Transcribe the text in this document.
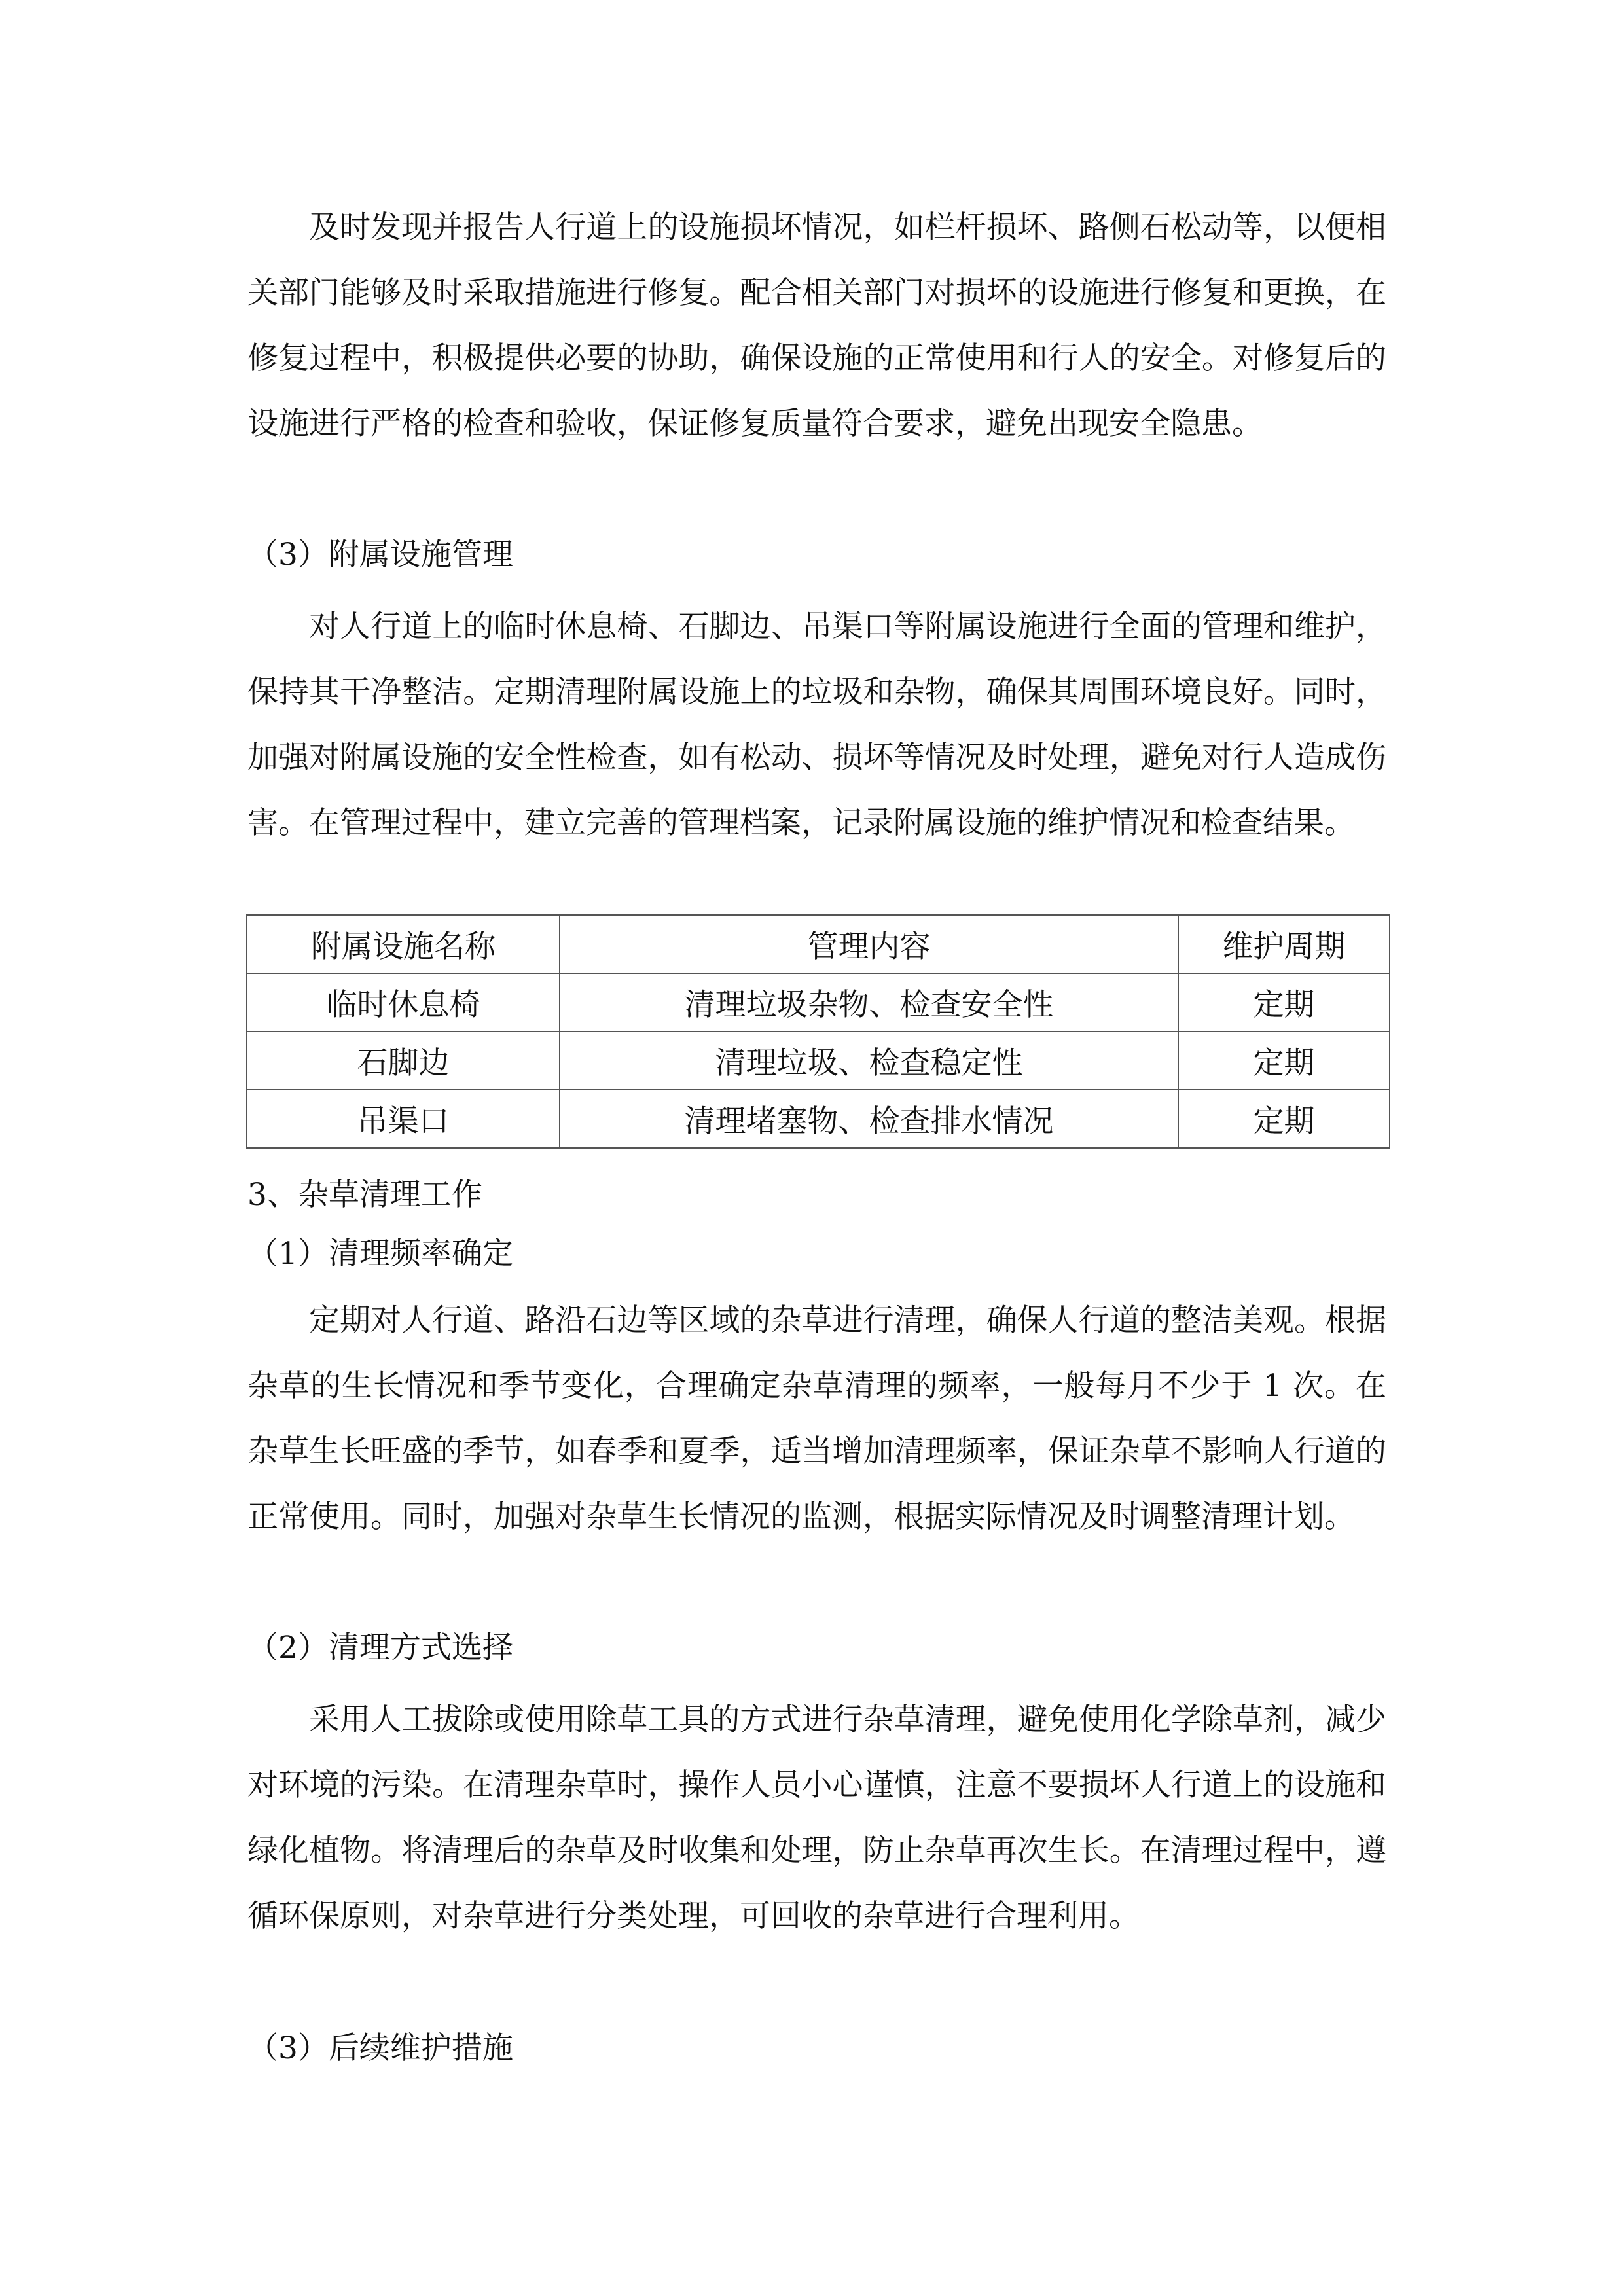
及时发现并报告人行道上的设施损坏情况，如栏杆损坏、路侧石松动等，以便相关部门能够及时采取措施进行修复。配合相关部门对损坏的设施进行修复和更换，在修复过程中，积极提供必要的协助，确保设施的正常使用和行人的安全。对修复后的设施进行严格的检查和验收，保证修复质量符合要求，避免出现安全隐患。

（3）附属设施管理

对人行道上的临时休息椅、石脚边、吊渠口等附属设施进行全面的管理和维护，保持其干净整洁。定期清理附属设施上的垃圾和杂物，确保其周围环境良好。同时，加强对附属设施的安全性检查，如有松动、损坏等情况及时处理，避免对行人造成伤害。在管理过程中，建立完善的管理档案，记录附属设施的维护情况和检查结果。

附属设施名称	管理内容	维护周期
临时休息椅	清理垃圾杂物、检查安全性	定期
石脚边	清理垃圾、检查稳定性	定期
吊渠口	清理堵塞物、检查排水情况	定期

3、杂草清理工作

（1）清理频率确定

定期对人行道、路沿石边等区域的杂草进行清理，确保人行道的整洁美观。根据杂草的生长情况和季节变化，合理确定杂草清理的频率，一般每月不少于 1 次。在杂草生长旺盛的季节，如春季和夏季，适当增加清理频率，保证杂草不影响人行道的正常使用。同时，加强对杂草生长情况的监测，根据实际情况及时调整清理计划。

（2）清理方式选择

采用人工拔除或使用除草工具的方式进行杂草清理，避免使用化学除草剂，减少对环境的污染。在清理杂草时，操作人员小心谨慎，注意不要损坏人行道上的设施和绿化植物。将清理后的杂草及时收集和处理，防止杂草再次生长。在清理过程中，遵循环保原则，对杂草进行分类处理，可回收的杂草进行合理利用。

（3）后续维护措施
